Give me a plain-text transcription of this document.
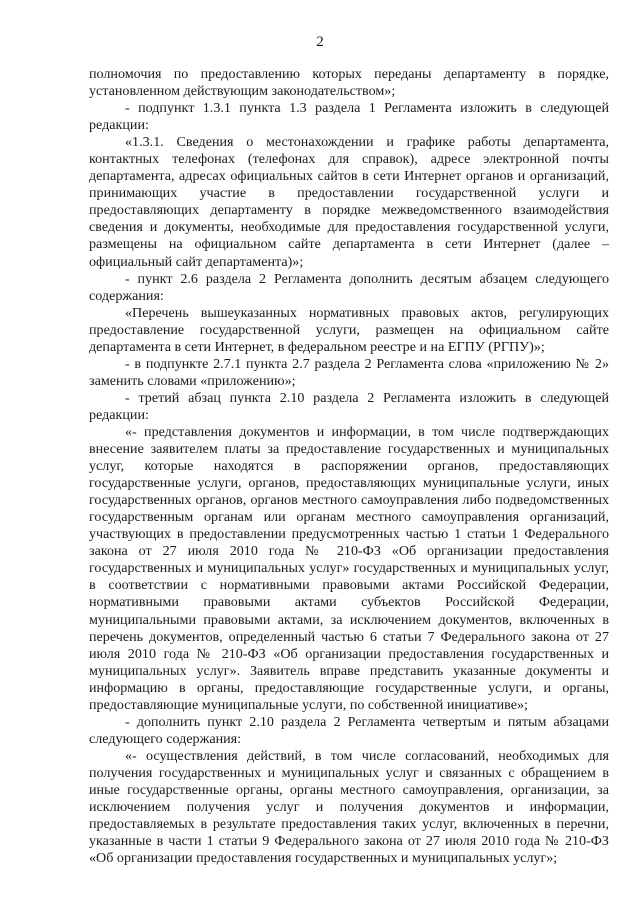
2

полномочия по предоставлению которых переданы департаменту в порядке, установленном действующим законодательством»;

- подпункт 1.3.1 пункта 1.3 раздела 1 Регламента изложить в следующей редакции:

«1.3.1. Сведения о местонахождении и графике работы департамента, контактных телефонах (телефонах для справок), адресе электронной почты департамента, адресах официальных сайтов в сети Интернет органов и организаций, принимающих участие в предоставлении государственной услуги и предоставляющих департаменту в порядке межведомственного взаимодействия сведения и документы, необходимые для предоставления государственной услуги, размещены на официальном сайте департамента в сети Интернет (далее – официальный сайт департамента)»;

- пункт 2.6 раздела 2 Регламента дополнить десятым абзацем следующего содержания:

«Перечень вышеуказанных нормативных правовых актов, регулирующих предоставление государственной услуги, размещен на официальном сайте департамента в сети Интернет, в федеральном реестре и на ЕГПУ (РГПУ)»;

- в подпункте 2.7.1 пункта 2.7 раздела 2 Регламента слова «приложению № 2» заменить словами «приложению»;

- третий абзац пункта 2.10 раздела 2 Регламента изложить в следующей редакции:

«- представления документов и информации, в том числе подтверждающих внесение заявителем платы за предоставление государственных и муниципальных услуг, которые находятся в распоряжении органов, предоставляющих государственные услуги, органов, предоставляющих муниципальные услуги, иных государственных органов, органов местного самоуправления либо подведомственных государственным органам или органам местного самоуправления организаций, участвующих в предоставлении предусмотренных частью 1 статьи 1 Федерального закона от 27 июля 2010 года № 210-ФЗ «Об организации предоставления государственных и муниципальных услуг» государственных и муниципальных услуг, в соответствии с нормативными правовыми актами Российской Федерации, нормативными правовыми актами субъектов Российской Федерации, муниципальными правовыми актами, за исключением документов, включенных в перечень документов, определенный частью 6 статьи 7 Федерального закона от 27 июля 2010 года № 210-ФЗ «Об организации предоставления государственных и муниципальных услуг». Заявитель вправе представить указанные документы и информацию в органы, предоставляющие государственные услуги, и органы, предоставляющие муниципальные услуги, по собственной инициативе»;

- дополнить пункт 2.10 раздела 2 Регламента четвертым и пятым абзацами следующего содержания:

«- осуществления действий, в том числе согласований, необходимых для получения государственных и муниципальных услуг и связанных с обращением в иные государственные органы, органы местного самоуправления, организации, за исключением получения услуг и получения документов и информации, предоставляемых в результате предоставления таких услуг, включенных в перечни, указанные в части 1 статьи 9 Федерального закона от 27 июля 2010 года № 210-ФЗ «Об организации предоставления государственных и муниципальных услуг»;
